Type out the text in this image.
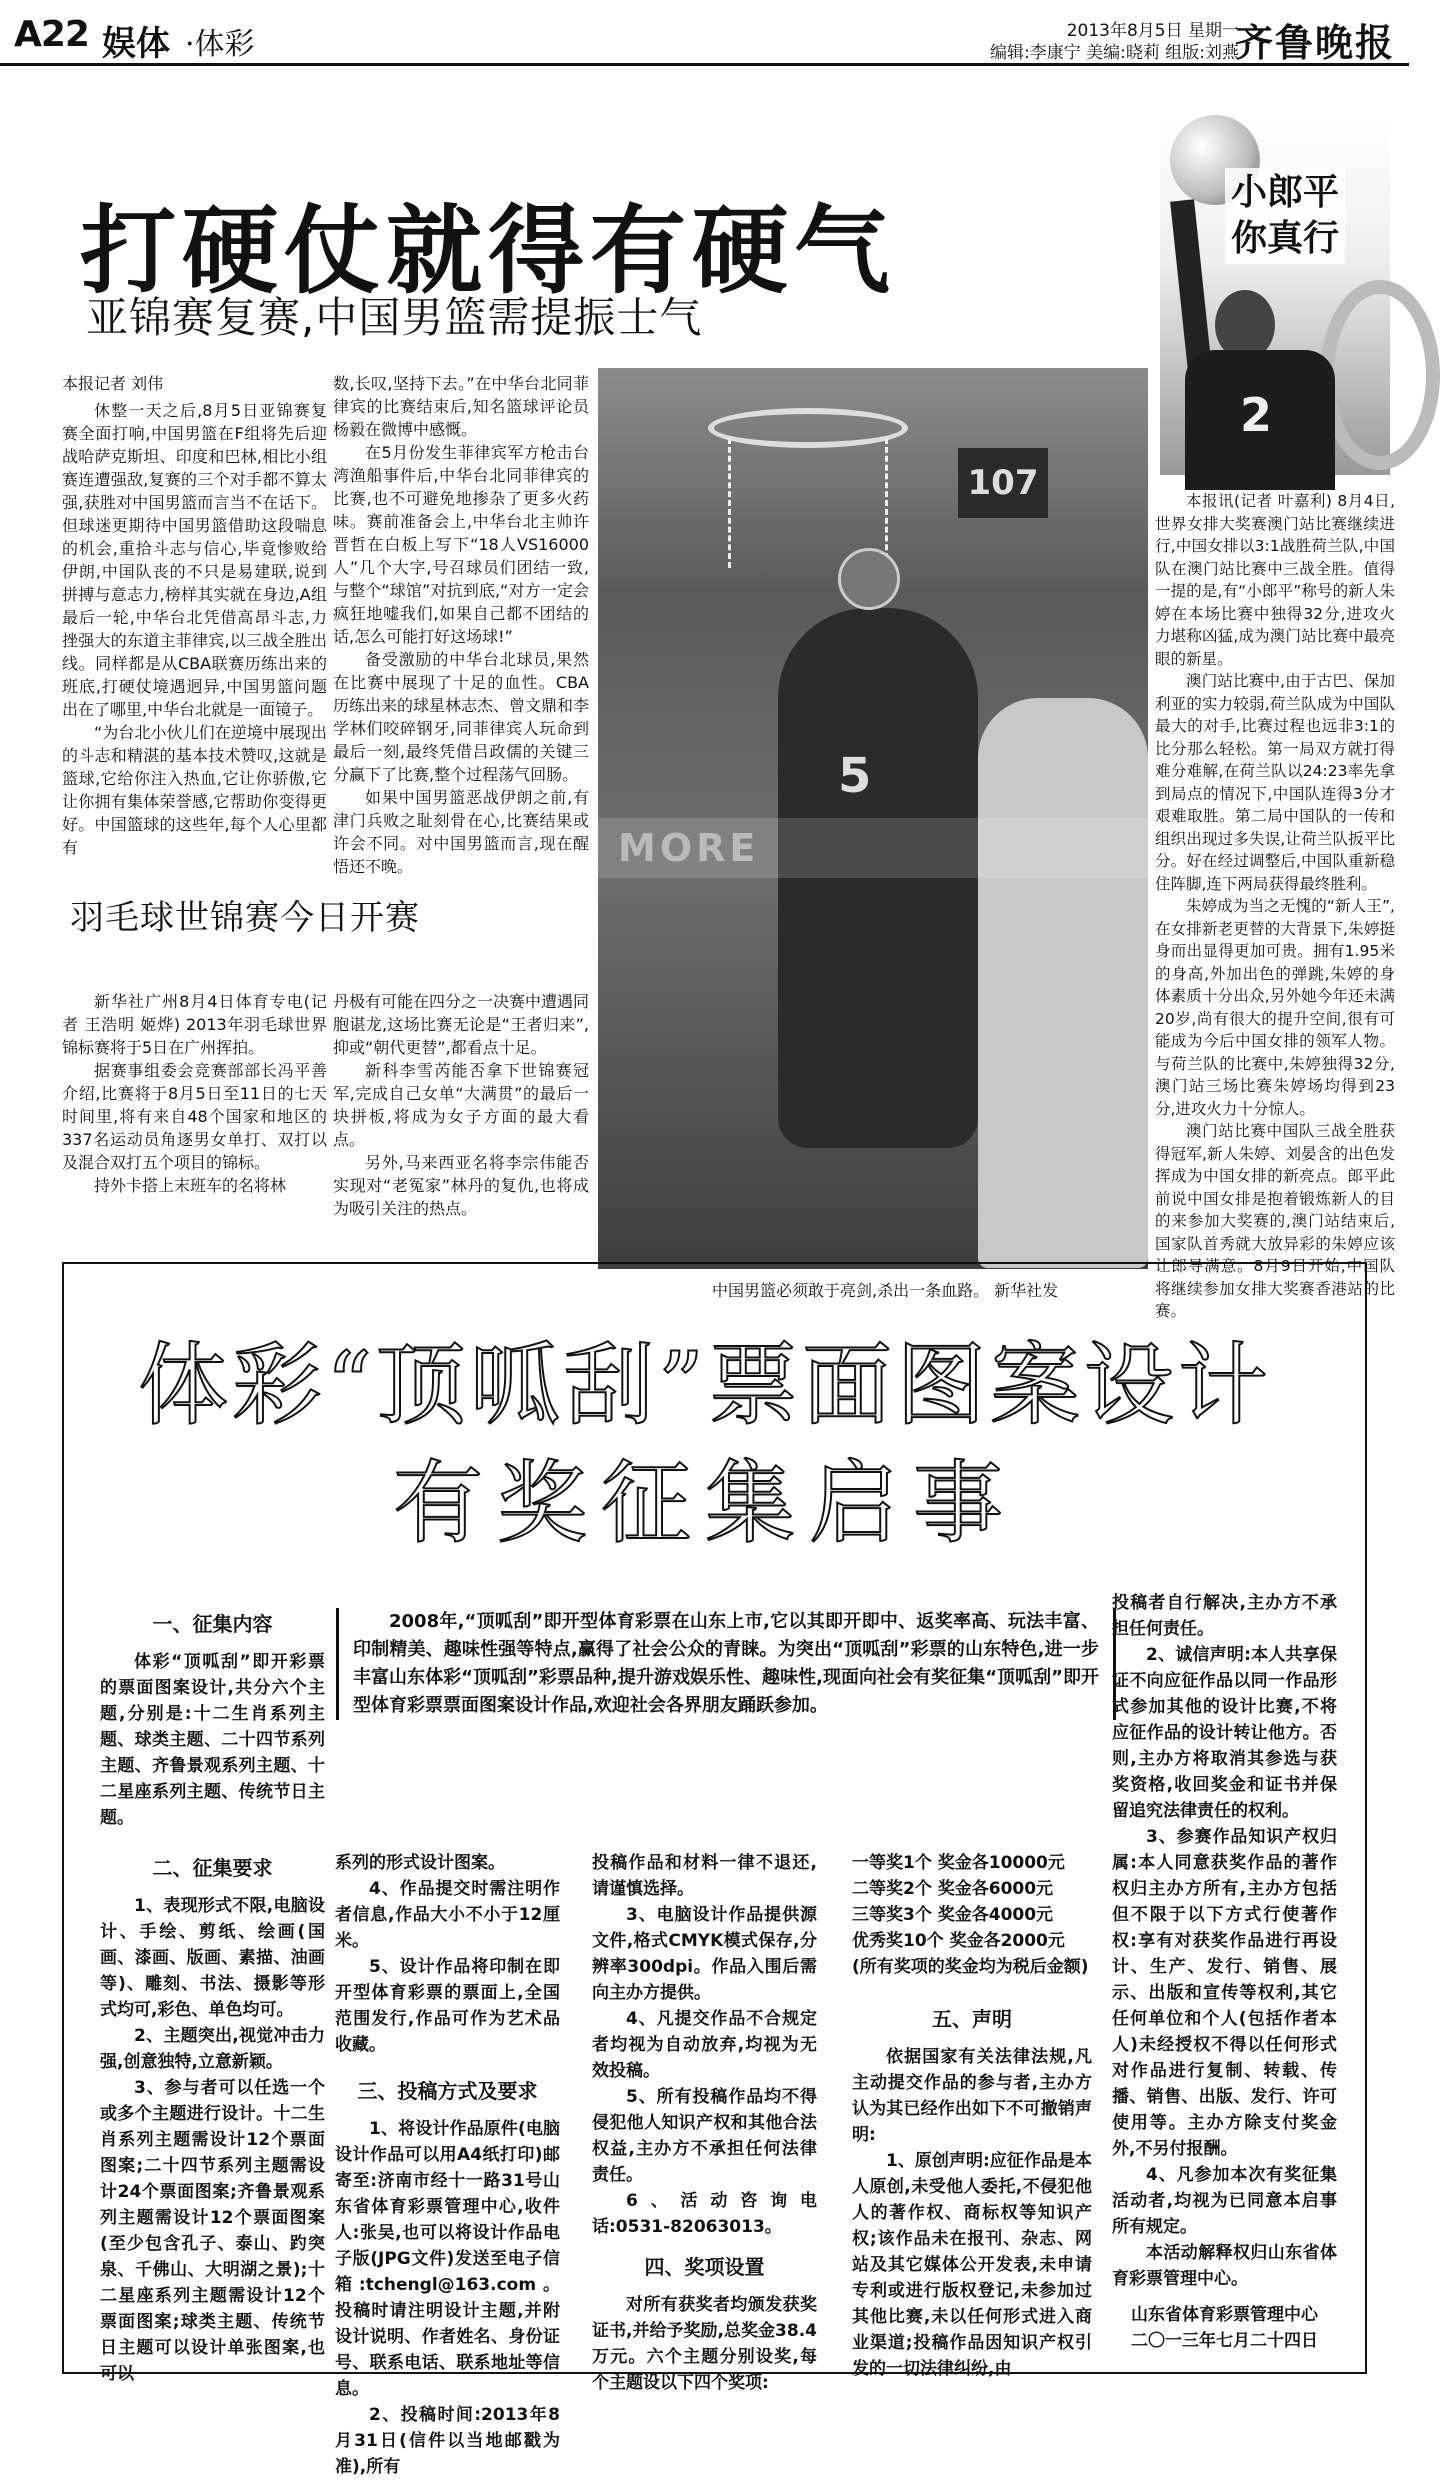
A22 娱体 ·体彩	2013年8月5日 星期一
编辑:李康宁 美编:晓莉 组版:刘燕
齐鲁晚报
打硬仗就得有硬气
亚锦赛复赛,中国男篮需提振士气

本报记者 刘伟

休整一天之后,8月5日亚锦赛复赛全面打响,中国男篮在F组将先后迎战哈萨克斯坦、印度和巴林,相比小组赛连遭强敌,复赛的三个对手都不算太强,获胜对中国男篮而言当不在话下。但球迷更期待中国男篮借助这段喘息的机会,重拾斗志与信心,毕竟惨败给伊朗,中国队丧的不只是易建联,说到拼搏与意志力,榜样其实就在身边,A组最后一轮,中华台北凭借高昂斗志,力挫强大的东道主菲律宾,以三战全胜出线。同样都是从CBA联赛历练出来的班底,打硬仗境遇迥异,中国男篮问题出在了哪里,中华台北就是一面镜子。

“为台北小伙儿们在逆境中展现出的斗志和精湛的基本技术赞叹,这就是篮球,它给你注入热血,它让你骄傲,它让你拥有集体荣誉感,它帮助你变得更好。中国篮球的这些年,每个人心里都有

数,长叹,坚持下去。”在中华台北同菲律宾的比赛结束后,知名篮球评论员杨毅在微博中感慨。

在5月份发生菲律宾军方枪击台湾渔船事件后,中华台北同菲律宾的比赛,也不可避免地掺杂了更多火药味。赛前准备会上,中华台北主帅许晋哲在白板上写下“18人VS16000人”几个大字,号召球员们团结一致,与整个“球馆”对抗到底,“对方一定会疯狂地嘘我们,如果自己都不团结的话,怎么可能打好这场球!”

备受激励的中华台北球员,果然在比赛中展现了十足的血性。CBA历练出来的球星林志杰、曾文鼎和李学林们咬碎钢牙,同菲律宾人玩命到最后一刻,最终凭借吕政儒的关键三分赢下了比赛,整个过程荡气回肠。

如果中国男篮恶战伊朗之前,有津门兵败之耻刻骨在心,比赛结果或许会不同。对中国男篮而言,现在醒悟还不晚。

107
5
MORE
中国男篮必须敢于亮剑,杀出一条血路。 新华社发
羽毛球世锦赛今日开赛

新华社广州8月4日体育专电(记者 王浩明 姬烨) 2013年羽毛球世界锦标赛将于5日在广州挥拍。

据赛事组委会竞赛部部长冯平善介绍,比赛将于8月5日至11日的七天时间里,将有来自48个国家和地区的337名运动员角逐男女单打、双打以及混合双打五个项目的锦标。

持外卡搭上末班车的名将林

丹极有可能在四分之一决赛中遭遇同胞谌龙,这场比赛无论是“王者归来”,抑或“朝代更替”,都看点十足。

新科李雪芮能否拿下世锦赛冠军,完成自己女单“大满贯”的最后一块拼板,将成为女子方面的最大看点。

另外,马来西亚名将李宗伟能否实现对“老冤家”林丹的复仇,也将成为吸引关注的热点。

2
小郎平
你真行

本报讯(记者 叶嘉利) 8月4日,世界女排大奖赛澳门站比赛继续进行,中国女排以3:1战胜荷兰队,中国队在澳门站比赛中三战全胜。值得一提的是,有“小郎平”称号的新人朱婷在本场比赛中独得32分,进攻火力堪称凶猛,成为澳门站比赛中最亮眼的新星。

澳门站比赛中,由于古巴、保加利亚的实力较弱,荷兰队成为中国队最大的对手,比赛过程也远非3:1的比分那么轻松。第一局双方就打得难分难解,在荷兰队以24:23率先拿到局点的情况下,中国队连得3分才艰难取胜。第二局中国队的一传和组织出现过多失误,让荷兰队扳平比分。好在经过调整后,中国队重新稳住阵脚,连下两局获得最终胜利。

朱婷成为当之无愧的“新人王”,在女排新老更替的大背景下,朱婷挺身而出显得更加可贵。拥有1.95米的身高,外加出色的弹跳,朱婷的身体素质十分出众,另外她今年还未满20岁,尚有很大的提升空间,很有可能成为今后中国女排的领军人物。与荷兰队的比赛中,朱婷独得32分,澳门站三场比赛朱婷场均得到23分,进攻火力十分惊人。

澳门站比赛中国队三战全胜获得冠军,新人朱婷、刘晏含的出色发挥成为中国女排的新亮点。郎平此前说中国女排是抱着锻炼新人的目的来参加大奖赛的,澳门站结束后,国家队首秀就大放异彩的朱婷应该让郎导满意。8月9日开始,中国队将继续参加女排大奖赛香港站的比赛。

体彩“顶呱刮”票面图案设计
有奖征集启事
2008年,“顶呱刮”即开型体育彩票在山东上市,它以其即开即中、返奖率高、玩法丰富、印制精美、趣味性强等特点,赢得了社会公众的青睐。为突出“顶呱刮”彩票的山东特色,进一步丰富山东体彩“顶呱刮”彩票品种,提升游戏娱乐性、趣味性,现面向社会有奖征集“顶呱刮”即开型体育彩票票面图案设计作品,欢迎社会各界朋友踊跃参加。

一、征集内容

体彩“顶呱刮”即开彩票的票面图案设计,共分六个主题,分别是:十二生肖系列主题、球类主题、二十四节系列主题、齐鲁景观系列主题、十二星座系列主题、传统节日主题。

二、征集要求

1、表现形式不限,电脑设计、手绘、剪纸、绘画(国画、漆画、版画、素描、油画等)、雕刻、书法、摄影等形式均可,彩色、单色均可。

2、主题突出,视觉冲击力强,创意独特,立意新颖。

3、参与者可以任选一个或多个主题进行设计。十二生肖系列主题需设计12个票面图案;二十四节系列主题需设计24个票面图案;齐鲁景观系列主题需设计12个票面图案(至少包含孔子、泰山、趵突泉、千佛山、大明湖之景);十二星座系列主题需设计12个票面图案;球类主题、传统节日主题可以设计单张图案,也可以

系列的形式设计图案。

4、作品提交时需注明作者信息,作品大小不小于12厘米。

5、设计作品将印制在即开型体育彩票的票面上,全国范围发行,作品可作为艺术品收藏。

三、投稿方式及要求

1、将设计作品原件(电脑设计作品可以用A4纸打印)邮寄至:济南市经十一路31号山东省体育彩票管理中心,收件人:张吴,也可以将设计作品电子版(JPG文件)发送至电子信箱:tchengl@163.com。投稿时请注明设计主题,并附设计说明、作者姓名、身份证号、联系电话、联系地址等信息。

2、投稿时间:2013年8月31日(信件以当地邮戳为准),所有

投稿作品和材料一律不退还,请谨慎选择。

3、电脑设计作品提供源文件,格式CMYK模式保存,分辨率300dpi。作品入围后需向主办方提供。

4、凡提交作品不合规定者均视为自动放弃,均视为无效投稿。

5、所有投稿作品均不得侵犯他人知识产权和其他合法权益,主办方不承担任何法律责任。

6、活动咨询电话:0531-82063013。

四、奖项设置

对所有获奖者均颁发获奖证书,并给予奖励,总奖金38.4万元。六个主题分别设奖,每个主题设以下四个奖项:

一等奖1个 奖金各10000元

二等奖2个 奖金各6000元

三等奖3个 奖金各4000元

优秀奖10个 奖金各2000元

(所有奖项的奖金均为税后金额)

五、声明

依据国家有关法律法规,凡主动提交作品的参与者,主办方认为其已经作出如下不可撤销声明:

1、原创声明:应征作品是本人原创,未受他人委托,不侵犯他人的著作权、商标权等知识产权;该作品未在报刊、杂志、网站及其它媒体公开发表,未申请专利或进行版权登记,未参加过其他比赛,未以任何形式进入商业渠道;投稿作品因知识产权引发的一切法律纠纷,由

投稿者自行解决,主办方不承担任何责任。

2、诚信声明:本人共享保证不向应征作品以同一作品形式参加其他的设计比赛,不将应征作品的设计转让他方。否则,主办方将取消其参选与获奖资格,收回奖金和证书并保留追究法律责任的权利。

3、参赛作品知识产权归属:本人同意获奖作品的著作权归主办方所有,主办方包括但不限于以下方式行使著作权:享有对获奖作品进行再设计、生产、发行、销售、展示、出版和宣传等权利,其它任何单位和个人(包括作者本人)未经授权不得以任何形式对作品进行复制、转载、传播、销售、出版、发行、许可使用等。主办方除支付奖金外,不另付报酬。

4、凡参加本次有奖征集活动者,均视为已同意本启事所有规定。

本活动解释权归山东省体育彩票管理中心。

山东省体育彩票管理中心

二〇一三年七月二十四日
